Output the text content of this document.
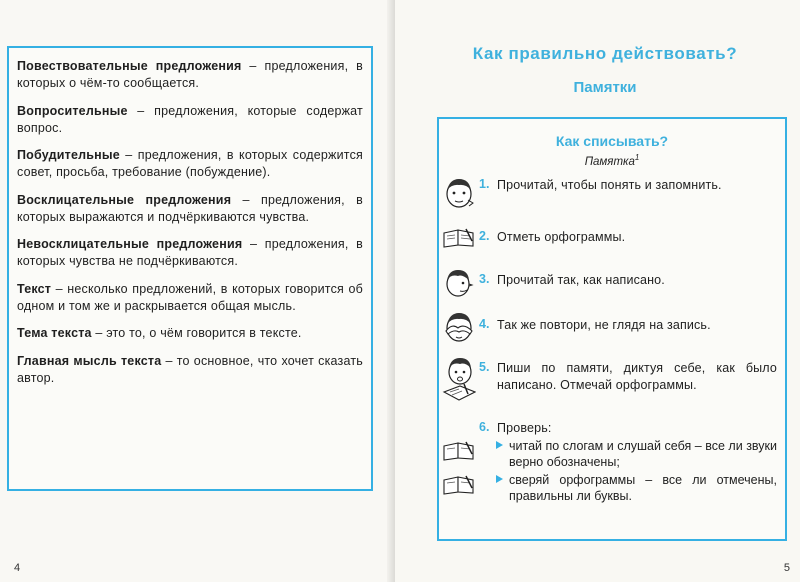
Повествовательные предложения – предложения, в которых о чём-то сообщается.

Вопросительные – предложения, которые содержат вопрос.

Побудительные – предложения, в которых содержится совет, просьба, требование (побуждение).

Восклицательные предложения – предложения, в которых выражаются и подчёркиваются чувства.

Невосклицательные предложения – предложения, в которых чувства не подчёркиваются.

Текст – несколько предложений, в которых говорится об одном и том же и раскрывается общая мысль.

Тема текста – это то, о чём говорится в тексте.

Главная мысль текста – то основное, что хочет сказать автор.

4
Как правильно действовать?
Памятки
Как списывать?
Памятка$^1$
1. Прочитай, чтобы понять и запомнить.
2. Отметь орфограммы.
3. Прочитай так, как написано.
4. Так же повтори, не глядя на запись.
5. Пиши по памяти, диктуя себе, как было написано. Отмечай орфограммы.
6. Проверь:
читай по слогам и слушай себя – все ли звуки верно обозначены;
сверяй орфограммы – все ли отмечены, правильны ли буквы.
5
